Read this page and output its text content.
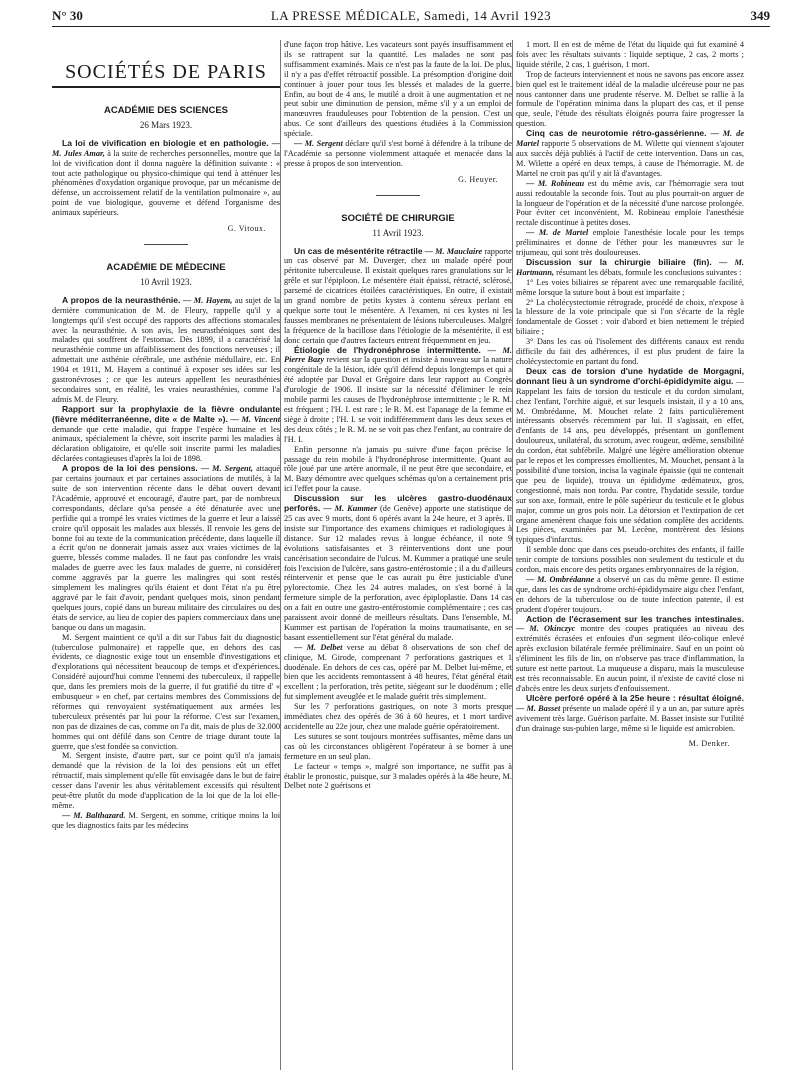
N° 30	LA PRESSE MÉDICALE, Samedi, 14 Avril 1923	349
SOCIÉTÉS DE PARIS
ACADÉMIE DES SCIENCES
26 Mars 1923.

La loi de vivification en biologie et en pathologie. — M. Jules Amar, à la suite de recherches personnelles, montre que la loi de vivification dont il donna naguère la définition suivante : « tout acte pathologique ou physico-chimique qui tend à atténuer les phénomènes d'oxydation organique provoque, par un mécanisme de défense, un accroissement relatif de la ventilation pulmonaire », au point de vue biologique, gouverne et défend l'organisme des animaux supérieurs.

G. Vitoux.
ACADÉMIE DE MÉDECINE
10 Avril 1923.

A propos de la neurasthénie. — M. Hayem, au sujet de la dernière communication de M. de Fleury, rappelle qu'il y a longtemps qu'il s'est occupé des rapports des affections stomacales avec la neurasthénie. A son avis, les neurasthéniques sont des malades qui souffrent de l'estomac. Dès 1899, il a caractérisé la neurasthénie comme un affaiblissement des fonctions nerveuses ; il admettait une asthénie cérébrale, une asthénie médullaire, etc. En 1904 et 1911, M. Hayem a continué à exposer ses idées sur les gastronévroses ; ce que les auteurs appellent les neurasthénies secondaires sont, en réalité, les vraies neurasthénies, comme l'a admis M. de Fleury.

Rapport sur la prophylaxie de la fièvre ondulante (fièvre méditerranéenne, dite « de Malte »). — M. Vincent demande que cette maladie, qui frappe l'espèce humaine et les animaux, spécialement la chèvre, soit inscrite parmi les maladies à déclaration obligatoire, et qu'elle soit inscrite parmi les maladies déclarées contagieuses d'après la loi de 1898.

A propos de la loi des pensions. — M. Sergent, attaqué par certains journaux et par certaines associations de mutilés, à la suite de son intervention récente dans le débat ouvert devant l'Académie, approuvé et encouragé, d'autre part, par de nombreux correspondants, déclare qu'sa pensée a été dénaturée avec une perfidie qui a trompé les vraies victimes de la guerre et leur a laissé croire qu'il opposait les malades aux blessés. Il renvoie les gens de bonne foi au texte de la communication précédente, dans laquelle il a écrit qu'on ne donnerait jamais assez aux vraies victimes de la guerre, blessés comme malades. Il ne faut pas confondre les vrais malades de guerre avec les faux malades de guerre, ni considérer comme aggravés par la guerre les malingres qui sont restés simplement les malingres qu'ils étaient et dont l'état n'a pu être aggravé par le fait d'avoir, pendant quelques mois, sinon pendant quelques jours, copié dans un bureau militaire des circulaires ou des états de service, au lieu de copier des papiers commerciaux dans une banque ou dans un magasin.

M. Sergent maintient ce qu'il a dit sur l'abus fait du diagnostic (tuberculose pulmonaire) et rappelle que, en dehors des cas évidents, ce diagnostic exige tout un ensemble d'investigations et d'explorations qui nécessitent beaucoup de temps et d'expériences. Considéré aujourd'hui comme l'ennemi des tuberculeux, il rappelle que, dans les premiers mois de la guerre, il fut gratifié du titre d' « embusqueur » en chef, par certains membres des Commissions de réformes qui renvoyaient systématiquement aux armées les tuberculeux présentés par lui pour la réforme. C'est sur l'examen, non pas de dizaines de cas, comme on l'a dit, mais de plus de 32.000 hommes qui ont défilé dans son Centre de triage durant toute la guerre, que s'est fondée sa conviction.

M. Sergent insiste, d'autre part, sur ce point qu'il n'a jamais demandé que la révision de la loi des pensions eût un effet rétroactif, mais simplement qu'elle fût envisagée dans le but de faire cesser dans l'avenir les abus véritablement excessifs qui résultent peut-être plutôt du mode d'application de la loi que de la loi elle-même.

— M. Balthazard. M. Sergent, en somme, critique moins la loi que les diagnostics faits par les médecins

d'une façon trop hâtive. Les vacateurs sont payés insuffisamment et ils se rattrapent sur la quantité. Les malades ne sont pas suffisamment examinés. Mais ce n'est pas la faute de la loi. De plus, il n'y a pas d'effet rétroactif possible. La présomption d'origine doit continuer à jouer pour tous les blessés et malades de la guerre. Enfin, au bout de 4 ans, le mutilé a droit à une augmentation et ne peut subir une diminution de pension, même s'il y a un emploi de manœuvres frauduleuses pour l'obtention de la pension. C'est un abus. Ce sont d'ailleurs des questions étudiées à la Commission spéciale.

— M. Sergent déclare qu'il s'est borné à défendre à la tribune de l'Académie sa personne violemment attaquée et menacée dans la presse à propos de son intervention.

G. Heuyer.
SOCIÉTÉ DE CHIRURGIE
11 Avril 1923.

Un cas de mésentérite rétractile — M. Mauclaire rapporte un cas observé par M. Duverger, chez un malade opéré pour péritonite tuberculeuse. Il existait quelques rares granulations sur le grêle et sur l'épiploon. Le mésentère était épaissi, rétracté, sclérosé, parsemé de cicatrices étoilées caractéristiques. En outre, il existait un grand nombre de petits kystes à contenu séreux perlant en quelque sorte tout le mésentère. A l'examen, ni ces kystes ni les fausses membranes ne présentaient de lésions tuberculeuses. Malgré la fréquence de la bacillose dans l'étiologie de la mésentérite, il est donc certain que d'autres facteurs entrent fréquemment en jeu.

Étiologie de l'hydronéphrose intermittente. — M. Pierre Bazy revient sur la question et insiste à nouveau sur la nature congénitale de la lésion, idée qu'il défend depuis longtemps et qui a été adoptée par Duval et Grégoire dans leur rapport au Congrès d'urologie de 1906. Il insiste sur la nécessité d'éliminer le rein mobile parmi les causes de l'hydronéphrose intermittente ; le R. M. est fréquent ; l'H. I. est rare ; le R. M. est l'apanage de la femme et siège à droite ; l'H. I. se voit indifféremment dans les deux sexes et des deux côtés ; le R. M. ne se voit pas chez l'enfant, au contraire de l'H. I.

Enfin personne n'a jamais pu suivre d'une façon précise le passage du rein mobile à l'hydronéphrose intermittente. Quant au rôle joué par une artère anormale, il ne peut être que secondaire, et M. Bazy démontre avec quelques schémas qu'on a certainement pris ici l'effet pour la cause.

Discussion sur les ulcères gastro-duodénaux perforés. — M. Kummer (de Genève) apporte une statistique de 25 cas avec 9 morts, dont 6 opérés avant la 24e heure, et 3 après. Il insiste sur l'importance des examens chimiques et radiologiques à distance. Sur 12 malades revus à longue échéance, il note 9 évolutions satisfaisantes et 3 réinterventions dont une pour cancérisation secondaire de l'ulcus. M. Kummer a pratiqué une seule fois l'excision de l'ulcère, sans gastro-entérostomie ; il a du d'ailleurs réintervenir et pense que le cas aurait pu être justiciable d'une pylorectomie. Chez les 24 autres malades, on s'est borné à la fermeture simple de la perforation, avec épiploplastie. Dans 14 cas on a fait en outre une gastro-entérostomie complémentaire ; ces cas paraissent avoir donné de meilleurs résultats. Dans l'ensemble, M. Kummer est partisan de l'opération la moins traumatisante, en se basant essentiellement sur l'état général du malade.

— M. Delbet verse au débat 8 observations de son chef de clinique, M. Girode, comprenant 7 perforations gastriques et 1 duodénale. En dehors de ces cas, opéré par M. Delbet lui-même, et bien que les accidents remontassent à 48 heures, l'état général était excellent ; la perforation, très petite, siégeant sur le duodénum ; elle fut simplement aveuglée et le malade guérit très simplement.

Sur les 7 perforations gastriques, on note 3 morts presque immédiates chez des opérés de 36 à 60 heures, et 1 mort tardive accidentelle au 22e jour, chez une malade guérie opératoirement.

Les sutures se sont toujours montrées suffisantes, même dans un cas où les circonstances obligèrent l'opérateur à se borner à une fermeture en un seul plan.

Le facteur « temps », malgré son importance, ne suffit pas à établir le pronostic, puisque, sur 3 malades opérés à la 48e heure, M. Delbet note 2 guérisons et

1 mort. Il en est de même de l'état du liquide qui fut examiné 4 fois avec les résultats suivants : liquide septique, 2 cas, 2 morts ; liquide stérile, 2 cas, 1 guérison, 1 mort.

Trop de facteurs interviennent et nous ne savons pas encore assez bien quel est le traitement idéal de la maladie ulcéreuse pour ne pas nous cantonner dans une prudente réserve. M. Delbet se rallie à la formule de l'opération minima dans la plupart des cas, et il pense que, seule, l'étude des résultats éloignés pourra faire progresser la question.

Cinq cas de neurotomie rétro-gassérienne. — M. de Martel rapporte 5 observations de M. Wilette qui viennent s'ajouter aux succès déjà publiés à l'actif de cette intervention. Dans un cas, M. Wilette a opéré en deux temps, à cause de l'hémorragie. M. de Martel ne croit pas qu'il y ait là d'avantages.

— M. Robineau est du même avis, car l'hémorragie sera tout aussi redoutable la seconde fois. Tout au plus pourrait-on arguer de la longueur de l'opération et de la nécessité d'une narcose prolongée. Pour éviter cet inconvénient, M. Robineau emploie l'anesthésie rectale discontinue à petites doses.

— M. de Martel emploie l'anesthésie locale pour les temps préliminaires et donne de l'éther pour les manœuvres sur le trijumeau, qui sont très douloureuses.

Discussion sur la chirurgie biliaire (fin). — M. Hartmann, résumant les débats, formule les conclusions suivantes :

1° Les voies biliaires se réparent avec une remarquable facilité, même lorsque la suture bout à bout est imparfaite ;

2° La cholécystectomie rétrograde, procédé de choix, n'expose à la blessure de la voie principale que si l'on s'écarte de la règle fondamentale de Gosset : voir d'abord et bien nettement le trépied biliaire ;

3° Dans les cas où l'isolement des différents canaux est rendu difficile du fait des adhérences, il est plus prudent de faire la cholécystectomie en partant du fond.

Deux cas de torsion d'une hydatide de Morgagni, donnant lieu à un syndrome d'orchi-épididymite aigu. — Rappelant les faits de torsion du testicule et du cordon simulant, chez l'enfant, l'orchite aiguë, et sur lesquels insistait, il y a 10 ans, M. Ombrédanne, M. Mouchet relate 2 faits particulièrement intéressants observés récemment par lui. Il s'agissait, en effet, d'enfants de 14 ans, peu développés, présentant un gonflement douloureux, unilatéral, du scrotum, avec rougeur, œdème, sensibilité du cordon, état subfébrile. Malgré une légère amélioration obtenue par le repos et les compresses émollientes, M. Mouchet, pensant à la possibilité d'une torsion, incisa la vaginale épaissie (qui ne contenait que peu de liquide), trouva un épididyme œdémateux, gros, congestionné, mais non tordu. Par contre, l'hydatide sessile, tordue sur son axe, formait, entre le pôle supérieur du testicule et le globus major, comme un gros pois noir. La détorsion et l'extirpation de cet organe amenèrent chaque fois une sédation complète des accidents. Les pièces, examinées par M. Lecène, montrèrent des lésions typiques d'infarctus.

Il semble donc que dans ces pseudo-orchites des enfants, il faille tenir compte de torsions possibles non seulement du testicule et du cordon, mais encore des petits organes embryonnaires de la région.

— M. Ombrédanne a observé un cas du même genre. Il estime que, dans les cas de syndrome orchi-épididymaire aigu chez l'enfant, en dehors de la tuberculose ou de toute infection patente, il est prudent d'opérer toujours.

Action de l'écrasement sur les tranches intestinales. — M. Okinczyc montre des coupes pratiquées au niveau des extrémités écrasées et enfouies d'un segment iléo-colique enlevé après exclusion bilatérale fermée préliminaire. Sauf en un point où s'éliminent les fils de lin, on n'observe pas trace d'inflammation, la suture est nette partout. La muqueuse a disparu, mais la musculeuse est très reconnaissable. En aucun point, il n'existe de cavité close ni d'abcès entre les deux surjets d'enfouissement.

Ulcère perforé opéré à la 25e heure : résultat éloigné. — M. Basset présente un malade opéré il y a un an, par suture après avivement très large. Guérison parfaite. M. Basset insiste sur l'utilité d'un drainage sus-pubien large, même si le liquide est amicrobien.

M. Denker.
